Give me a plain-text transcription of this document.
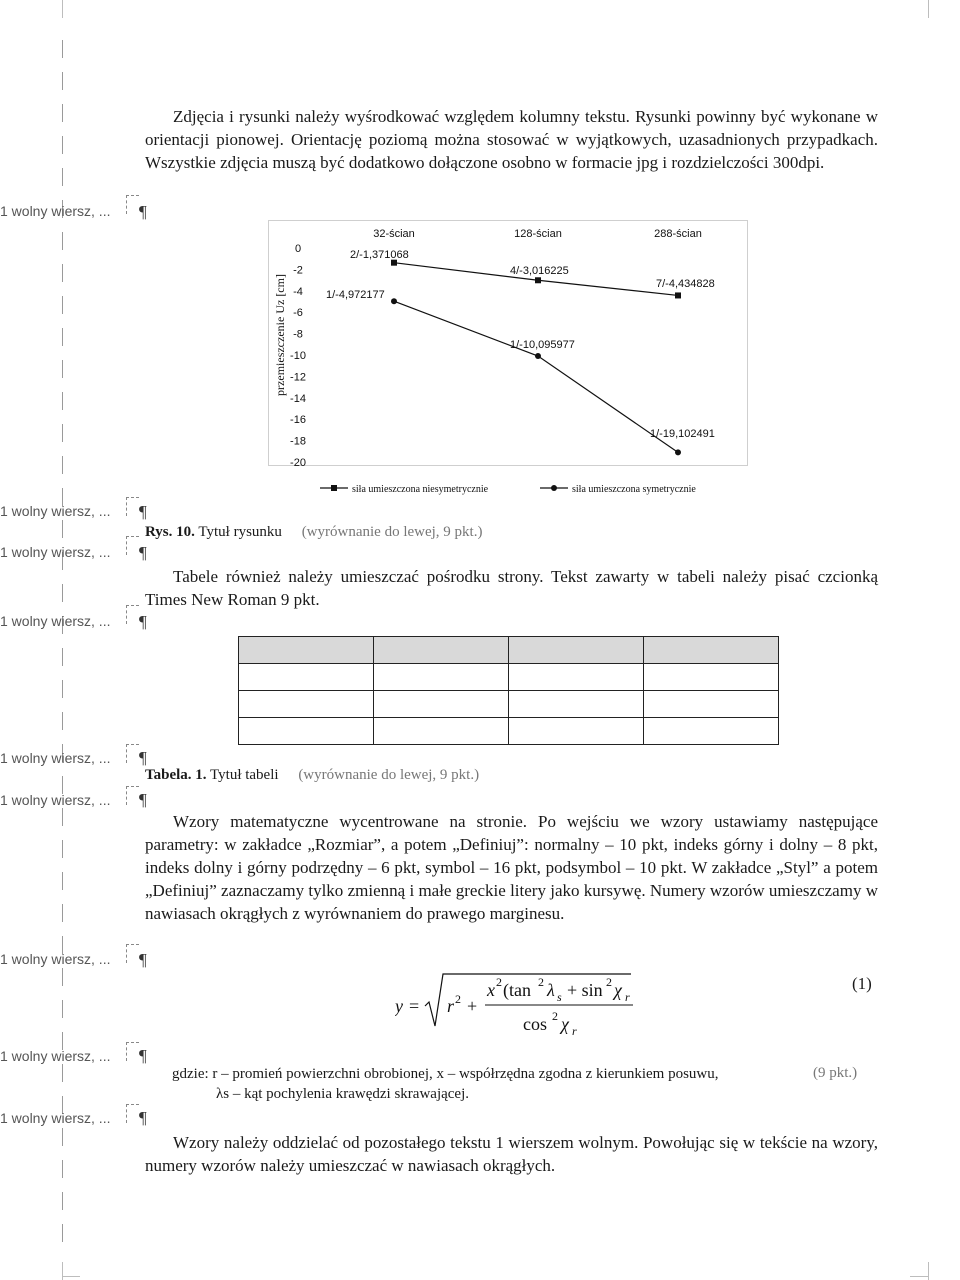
1 wolny wiersz, ... ¶
1 wolny wiersz, ... ¶
1 wolny wiersz, ... ¶
1 wolny wiersz, ... ¶
1 wolny wiersz, ... ¶
1 wolny wiersz, ... ¶
1 wolny wiersz, ... ¶
1 wolny wiersz, ... ¶
1 wolny wiersz, ... ¶

Zdjęcia i rysunki należy wyśrodkować względem kolumny tekstu. Rysunki powinny być wykonane w orientacji pionowej. Orientację poziomą można stosować w wyjątkowych, uzasadnionych przypadkach. Wszystkie zdjęcia muszą być dodatkowo dołączone osobno w formacie jpg i rozdzielczości 300dpi.

0
-2
-4
-6
-8
-10
-12
-14
-16
-18
-20
przemieszczenie Uz [cm]
32-ścian	128-ścian	288-ścian
2/-1,371068
4/-3,016225
7/-4,434828
1/-4,972177
1/-10,095977
1/-19,102491
siła umieszczona niesymetrycznie	siła umieszczona symetrycznie
Rys. 10. Tytuł rysunku (wyrównanie do lewej, 9 pkt.)

Tabele również należy umieszczać pośrodku strony. Tekst zawarty w tabeli należy pisać czcionką Times New Roman 9 pkt.

Tabela. 1. Tytuł tabeli (wyrównanie do lewej, 9 pkt.)

Wzory matematyczne wycentrowane na stronie. Po wejściu we wzory ustawiamy następujące parametry: w zakładce „Rozmiar”, a potem „Definiuj”: normalny – 10 pkt, indeks górny i dolny – 8 pkt, indeks dolny i górny podrzędny – 6 pkt, symbol – 16 pkt, podsymbol – 10 pkt. W zakładce „Styl” a potem „Definiuj” zaznaczamy tylko zmienną i małe greckie litery jako kursywę. Numery wzorów umieszczamy w nawiasach okrągłych z wyrównaniem do prawego marginesu.

y = r 2 +
x 2 (tan 2 λ s + sin 2 χ r
cos 2 χ r
(1)
gdzie: r – promień powierzchni obrobionej, x – współrzędna zgodna z kierunkiem posuwu,	(9 pkt.)
λs – kąt pochylenia krawędzi skrawającej.

Wzory należy oddzielać od pozostałego tekstu 1 wierszem wolnym. Powołując się w tekście na wzory, numery wzorów należy umieszczać w nawiasach okrągłych.
